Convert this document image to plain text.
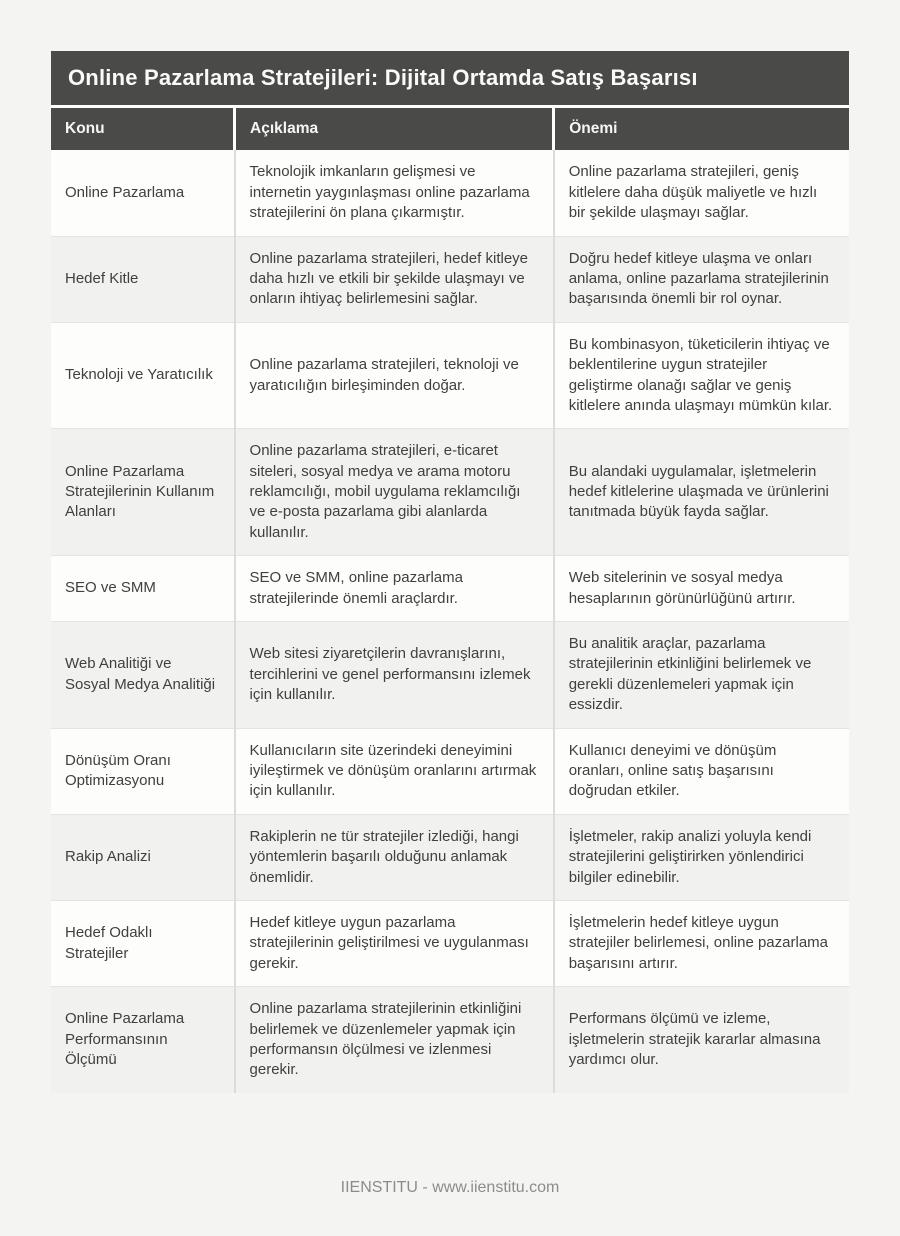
Online Pazarlama Stratejileri: Dijital Ortamda Satış Başarısı
Konu	Açıklama	Önemi
Online Pazarlama	Teknolojik imkanların gelişmesi ve internetin yaygınlaşması online pazarlama stratejilerini ön plana çıkarmıştır.	Online pazarlama stratejileri, geniş kitlelere daha düşük maliyetle ve hızlı bir şekilde ulaşmayı sağlar.
Hedef Kitle	Online pazarlama stratejileri, hedef kitleye daha hızlı ve etkili bir şekilde ulaşmayı ve onların ihtiyaç belirlemesini sağlar.	Doğru hedef kitleye ulaşma ve onları anlama, online pazarlama stratejilerinin başarısında önemli bir rol oynar.
Teknoloji ve Yaratıcılık	Online pazarlama stratejileri, teknoloji ve yaratıcılığın birleşiminden doğar.	Bu kombinasyon, tüketicilerin ihtiyaç ve beklentilerine uygun stratejiler geliştirme olanağı sağlar ve geniş kitlelere anında ulaşmayı mümkün kılar.
Online Pazarlama Stratejilerinin Kullanım Alanları	Online pazarlama stratejileri, e-ticaret siteleri, sosyal medya ve arama motoru reklamcılığı, mobil uygulama reklamcılığı ve e-posta pazarlama gibi alanlarda kullanılır.	Bu alandaki uygulamalar, işletmelerin hedef kitlelerine ulaşmada ve ürünlerini tanıtmada büyük fayda sağlar.
SEO ve SMM	SEO ve SMM, online pazarlama stratejilerinde önemli araçlardır.	Web sitelerinin ve sosyal medya hesaplarının görünürlüğünü artırır.
Web Analitiği ve Sosyal Medya Analitiği	Web sitesi ziyaretçilerin davranışlarını, tercihlerini ve genel performansını izlemek için kullanılır.	Bu analitik araçlar, pazarlama stratejilerinin etkinliğini belirlemek ve gerekli düzenlemeleri yapmak için essizdir.
Dönüşüm Oranı Optimizasyonu	Kullanıcıların site üzerindeki deneyimini iyileştirmek ve dönüşüm oranlarını artırmak için kullanılır.	Kullanıcı deneyimi ve dönüşüm oranları, online satış başarısını doğrudan etkiler.
Rakip Analizi	Rakiplerin ne tür stratejiler izlediği, hangi yöntemlerin başarılı olduğunu anlamak önemlidir.	İşletmeler, rakip analizi yoluyla kendi stratejilerini geliştirirken yönlendirici bilgiler edinebilir.
Hedef Odaklı Stratejiler	Hedef kitleye uygun pazarlama stratejilerinin geliştirilmesi ve uygulanması gerekir.	İşletmelerin hedef kitleye uygun stratejiler belirlemesi, online pazarlama başarısını artırır.
Online Pazarlama Performansının Ölçümü	Online pazarlama stratejilerinin etkinliğini belirlemek ve düzenlemeler yapmak için performansın ölçülmesi ve izlenmesi gerekir.	Performans ölçümü ve izleme, işletmelerin stratejik kararlar almasına yardımcı olur.
IIENSTITU - www.iienstitu.com
